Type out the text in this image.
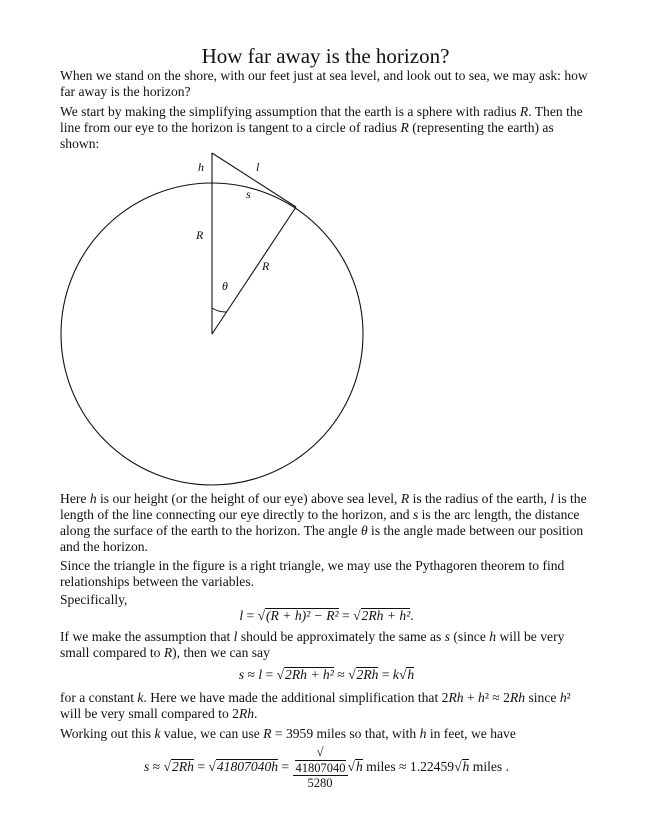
How far away is the horizon?
When we stand on the shore, with our feet just at sea level, and look out to sea, we may ask: how far away is the horizon?
We start by making the simplifying assumption that the earth is a sphere with radius R. Then the line from our eye to the horizon is tangent to a circle of radius R (representing the earth) as shown:
h	l
s
R
R
θ
Here h is our height (or the height of our eye) above sea level, R is the radius of the earth, l is the length of the line connecting our eye directly to the horizon, and s is the arc length, the distance along the surface of the earth to the horizon. The angle θ is the angle made between our position and the horizon.
Since the triangle in the figure is a right triangle, we may use the Pythagoren theorem to find relationships between the variables.
Specifically,
l = √(R + h)² − R² = √2Rh + h².
If we make the assumption that l should be approximately the same as s (since h will be very small compared to R), then we can say
s ≈ l = √2Rh + h² ≈ √2Rh = k√h
for a constant k. Here we have made the additional simplification that 2Rh + h² ≈ 2Rh since h² will be very small compared to 2Rh.
Working out this k value, we can use R = 3959 miles so that, with h in feet, we have
s ≈ √2Rh = √41807040h = √
41807040
5280 √h miles ≈ 1.22459√h miles .
